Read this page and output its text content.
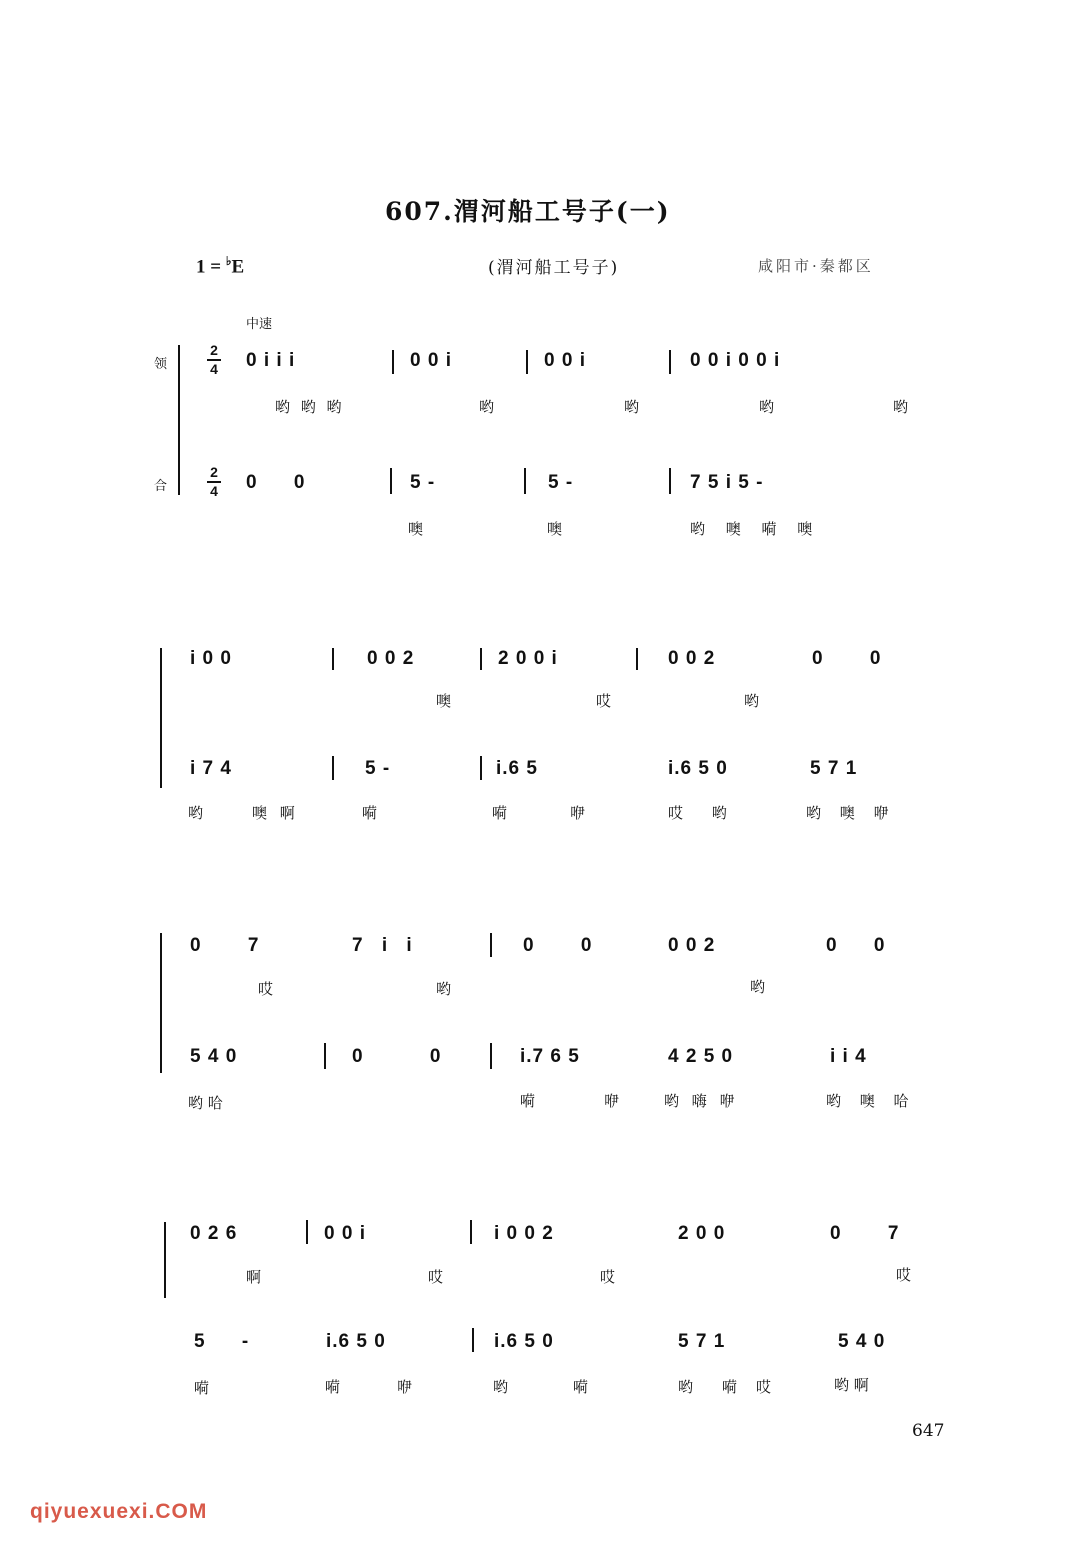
607.渭河船工号子(一)
1 = ♭E	(渭河船工号子)	咸阳市·秦都区
中速
领
合
2
4
2
4
0 i i i	0 0 i	0 0 i	0 0 i 0 0 i
哟 哟 哟	哟	哟	哟	哟
0 0	5 -	5 -	7 5 i 5 -
噢	噢	哟 噢 嗬 噢
i 0 0	0 0 2	2 0 0 i	0 0 2	0 0
噢	哎	哟
i 7 4	5 -	i.6 5	i.6 5 0	5 7 1
哟	噢 啊	嗬	嗬	咿	哎 哟	哟 噢 咿
0 7	7 i i	0 0	0 0 2	0 0
哎	哟	哟
5 4 0	0 0	i.7 6 5	4 2 5 0	i i 4
哟 哈	嗬	咿	哟 嗨 咿	哟 噢 哈
0 2 6	0 0 i	i 0 0 2	2 0 0	0 7
啊	哎	哎	哎
5 -	i.6 5 0	i.6 5 0	5 7 1	5 4 0
嗬	嗬	咿	哟	嗬	哟 嗬 哎	哟 啊
647
qiyuexuexi.COM
